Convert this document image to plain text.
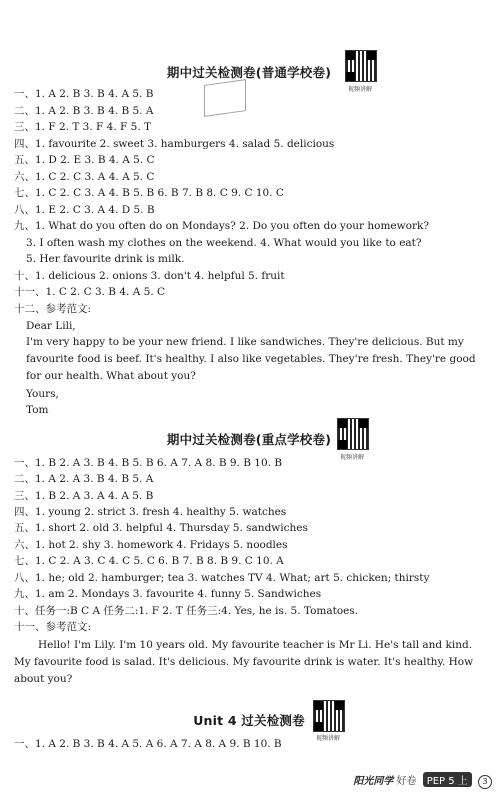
期中过关检测卷(普通学校卷)
视频讲解
一、1. A 2. B 3. B 4. A 5. B
二、1. A 2. B 3. B 4. B 5. A
三、1. F 2. T 3. F 4. F 5. T
四、1. favourite 2. sweet 3. hamburgers 4. salad 5. delicious
五、1. D 2. E 3. B 4. A 5. C
六、1. C 2. C 3. A 4. A 5. C
七、1. C 2. C 3. A 4. B 5. B 6. B 7. B 8. C 9. C 10. C
八、1. E 2. C 3. A 4. D 5. B
九、1. What do you often do on Mondays? 2. Do you often do your homework?
3. I often wash my clothes on the weekend. 4. What would you like to eat?
5. Her favourite drink is milk.
十、1. delicious 2. onions 3. don't 4. helpful 5. fruit
十一、1. C 2. C 3. B 4. A 5. C
十二、参考范文:
Dear Lili,
I'm very happy to be your new friend. I like sandwiches. They're delicious. But my favourite food is beef. It's healthy. I also like vegetables. They're fresh. They're good for our health. What about you?
Yours,
Tom
期中过关检测卷(重点学校卷)
视频讲解
一、1. B 2. A 3. B 4. B 5. B 6. A 7. A 8. B 9. B 10. B
二、1. A 2. A 3. B 4. B 5. A
三、1. B 2. A 3. A 4. A 5. B
四、1. young 2. strict 3. fresh 4. healthy 5. watches
五、1. short 2. old 3. helpful 4. Thursday 5. sandwiches
六、1. hot 2. shy 3. homework 4. Fridays 5. noodles
七、1. C 2. A 3. C 4. C 5. C 6. B 7. B 8. B 9. C 10. A
八、1. he; old 2. hamburger; tea 3. watches TV 4. What; art 5. chicken; thirsty
九、1. am 2. Mondays 3. favourite 4. funny 5. Sandwiches
十、任务一:B C A 任务二:1. F 2. T 任务三:4. Yes, he is. 5. Tomatoes.
十一、参考范文:
Hello! I'm Lily. I'm 10 years old. My favourite teacher is Mr Li. He's tall and kind. My favourite food is salad. It's delicious. My favourite drink is water. It's healthy. How about you?
Unit 4 过关检测卷
视频讲解
一、1. A 2. B 3. B 4. A 5. A 6. A 7. A 8. A 9. B 10. B
阳光同学 好卷 PEP 5 上 3
